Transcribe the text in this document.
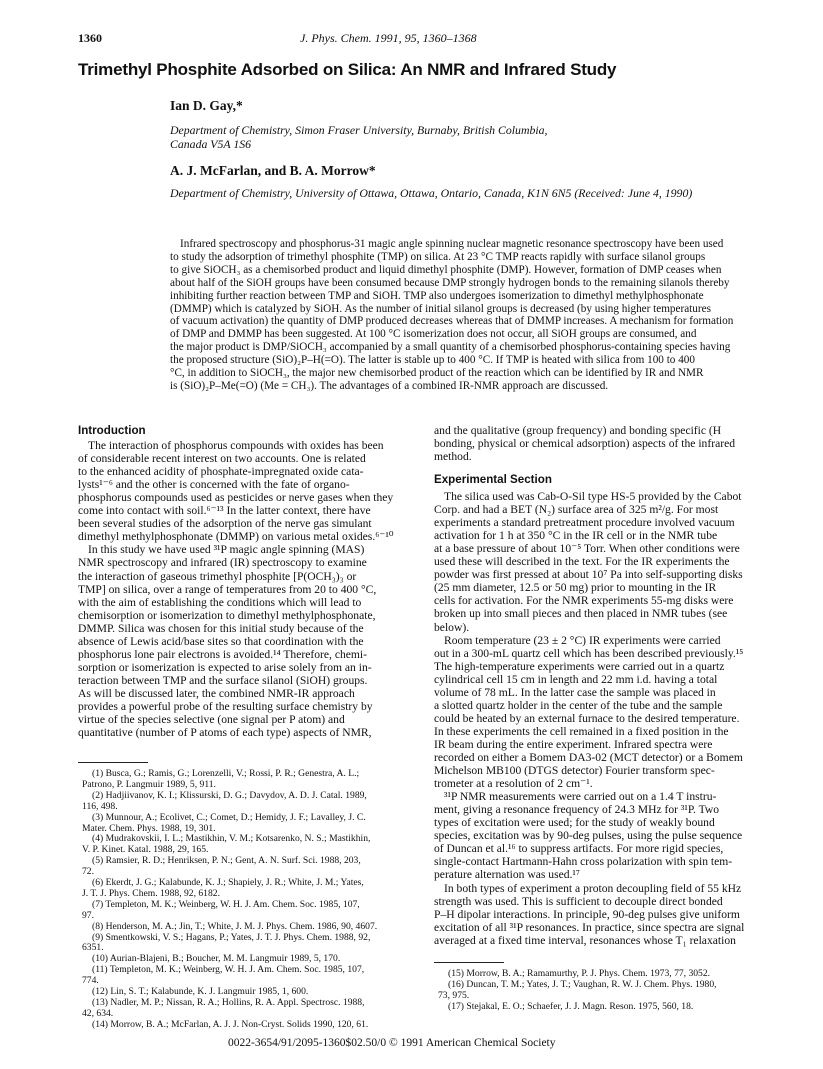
1360	J. Phys. Chem. 1991, 95, 1360–1368
Trimethyl Phosphite Adsorbed on Silica: An NMR and Infrared Study
Ian D. Gay,*
Department of Chemistry, Simon Fraser University, Burnaby, British Columbia,
Canada V5A 1S6
A. J. McFarlan, and B. A. Morrow*
Department of Chemistry, University of Ottawa, Ottawa, Ontario, Canada, K1N 6N5 (Received: June 4, 1990)
Infrared spectroscopy and phosphorus-31 magic angle spinning nuclear magnetic resonance spectroscopy have been used
to study the adsorption of trimethyl phosphite (TMP) on silica. At 23 °C TMP reacts rapidly with surface silanol groups
to give SiOCH₃ as a chemisorbed product and liquid dimethyl phosphite (DMP). However, formation of DMP ceases when
about half of the SiOH groups have been consumed because DMP strongly hydrogen bonds to the remaining silanols thereby
inhibiting further reaction between TMP and SiOH. TMP also undergoes isomerization to dimethyl methylphosphonate
(DMMP) which is catalyzed by SiOH. As the number of initial silanol groups is decreased (by using higher temperatures
of vacuum activation) the quantity of DMP produced decreases whereas that of DMMP increases. A mechanism for formation
of DMP and DMMP has been suggested. At 100 °C isomerization does not occur, all SiOH groups are consumed, and
the major product is DMP/SiOCH₃ accompanied by a small quantity of a chemisorbed phosphorus-containing species having
the proposed structure (SiO)₂P–H(=O). The latter is stable up to 400 °C. If TMP is heated with silica from 100 to 400
°C, in addition to SiOCH₃, the major new chemisorbed product of the reaction which can be identified by IR and NMR
is (SiO)₂P–Me(=O) (Me = CH₃). The advantages of a combined IR-NMR approach are discussed.
Introduction
The interaction of phosphorus compounds with oxides has been
of considerable recent interest on two accounts. One is related
to the enhanced acidity of phosphate-impregnated oxide cata-
lysts¹⁻⁶ and the other is concerned with the fate of organo-
phosphorus compounds used as pesticides or nerve gases when they
come into contact with soil.⁶⁻¹³ In the latter context, there have
been several studies of the adsorption of the nerve gas simulant
dimethyl methylphosphonate (DMMP) on various metal oxides.⁶⁻¹⁰
In this study we have used ³¹P magic angle spinning (MAS)
NMR spectroscopy and infrared (IR) spectroscopy to examine
the interaction of gaseous trimethyl phosphite [P(OCH₃)₃ or
TMP] on silica, over a range of temperatures from 20 to 400 °C,
with the aim of establishing the conditions which will lead to
chemisorption or isomerization to dimethyl methylphosphonate,
DMMP. Silica was chosen for this initial study because of the
absence of Lewis acid/base sites so that coordination with the
phosphorus lone pair electrons is avoided.¹⁴ Therefore, chemi-
sorption or isomerization is expected to arise solely from an in-
teraction between TMP and the surface silanol (SiOH) groups.
As will be discussed later, the combined NMR-IR approach
provides a powerful probe of the resulting surface chemistry by
virtue of the species selective (one signal per P atom) and
quantitative (number of P atoms of each type) aspects of NMR,
(1) Busca, G.; Ramis, G.; Lorenzelli, V.; Rossi, P. R.; Genestra, A. L.;
Patrono, P. Langmuir 1989, 5, 911.
(2) Hadjiivanov, K. I.; Klissurski, D. G.; Davydov, A. D. J. Catal. 1989,
116, 498.
(3) Munnour, A.; Ecolivet, C.; Comet, D.; Hemidy, J. F.; Lavalley, J. C.
Mater. Chem. Phys. 1988, 19, 301.
(4) Mudrakovskii, I. L.; Mastikhin, V. M.; Kotsarenko, N. S.; Mastikhin,
V. P. Kinet. Katal. 1988, 29, 165.
(5) Ramsier, R. D.; Henriksen, P. N.; Gent, A. N. Surf. Sci. 1988, 203,
72.
(6) Ekerdt, J. G.; Kalabunde, K. J.; Shapiely, J. R.; White, J. M.; Yates,
J. T. J. Phys. Chem. 1988, 92, 6182.
(7) Templeton, M. K.; Weinberg, W. H. J. Am. Chem. Soc. 1985, 107,
97.
(8) Henderson, M. A.; Jin, T.; White, J. M. J. Phys. Chem. 1986, 90, 4607.
(9) Smentkowski, V. S.; Hagans, P.; Yates, J. T. J. Phys. Chem. 1988, 92,
6351.
(10) Aurian-Blajeni, B.; Boucher, M. M. Langmuir 1989, 5, 170.
(11) Templeton, M. K.; Weinberg, W. H. J. Am. Chem. Soc. 1985, 107,
774.
(12) Lin, S. T.; Kalabunde, K. J. Langmuir 1985, 1, 600.
(13) Nadler, M. P.; Nissan, R. A.; Hollins, R. A. Appl. Spectrosc. 1988,
42, 634.
(14) Morrow, B. A.; McFarlan, A. J. J. Non-Cryst. Solids 1990, 120, 61.
and the qualitative (group frequency) and bonding specific (H
bonding, physical or chemical adsorption) aspects of the infrared
method.
Experimental Section
The silica used was Cab-O-Sil type HS-5 provided by the Cabot
Corp. and had a BET (N₂) surface area of 325 m²/g. For most
experiments a standard pretreatment procedure involved vacuum
activation for 1 h at 350 °C in the IR cell or in the NMR tube
at a base pressure of about 10⁻⁵ Torr. When other conditions were
used these will described in the text. For the IR experiments the
powder was first pressed at about 10⁷ Pa into self-supporting disks
(25 mm diameter, 12.5 or 50 mg) prior to mounting in the IR
cells for activation. For the NMR experiments 55-mg disks were
broken up into small pieces and then placed in NMR tubes (see
below).
Room temperature (23 ± 2 °C) IR experiments were carried
out in a 300-mL quartz cell which has been described previously.¹⁵
The high-temperature experiments were carried out in a quartz
cylindrical cell 15 cm in length and 22 mm i.d. having a total
volume of 78 mL. In the latter case the sample was placed in
a slotted quartz holder in the center of the tube and the sample
could be heated by an external furnace to the desired temperature.
In these experiments the cell remained in a fixed position in the
IR beam during the entire experiment. Infrared spectra were
recorded on either a Bomem DA3-02 (MCT detector) or a Bomem
Michelson MB100 (DTGS detector) Fourier transform spec-
trometer at a resolution of 2 cm⁻¹.
³¹P NMR measurements were carried out on a 1.4 T instru-
ment, giving a resonance frequency of 24.3 MHz for ³¹P. Two
types of excitation were used; for the study of weakly bound
species, excitation was by 90-deg pulses, using the pulse sequence
of Duncan et al.¹⁶ to suppress artifacts. For more rigid species,
single-contact Hartmann-Hahn cross polarization with spin tem-
perature alternation was used.¹⁷
In both types of experiment a proton decoupling field of 55 kHz
strength was used. This is sufficient to decouple direct bonded
P–H dipolar interactions. In principle, 90-deg pulses give uniform
excitation of all ³¹P resonances. In practice, since spectra are signal
averaged at a fixed time interval, resonances whose T₁ relaxation
(15) Morrow, B. A.; Ramamurthy, P. J. Phys. Chem. 1973, 77, 3052.
(16) Duncan, T. M.; Yates, J. T.; Vaughan, R. W. J. Chem. Phys. 1980,
73, 975.
(17) Stejakal, E. O.; Schaefer, J. J. Magn. Reson. 1975, 560, 18.
0022-3654/91/2095-1360$02.50/0 © 1991 American Chemical Society
